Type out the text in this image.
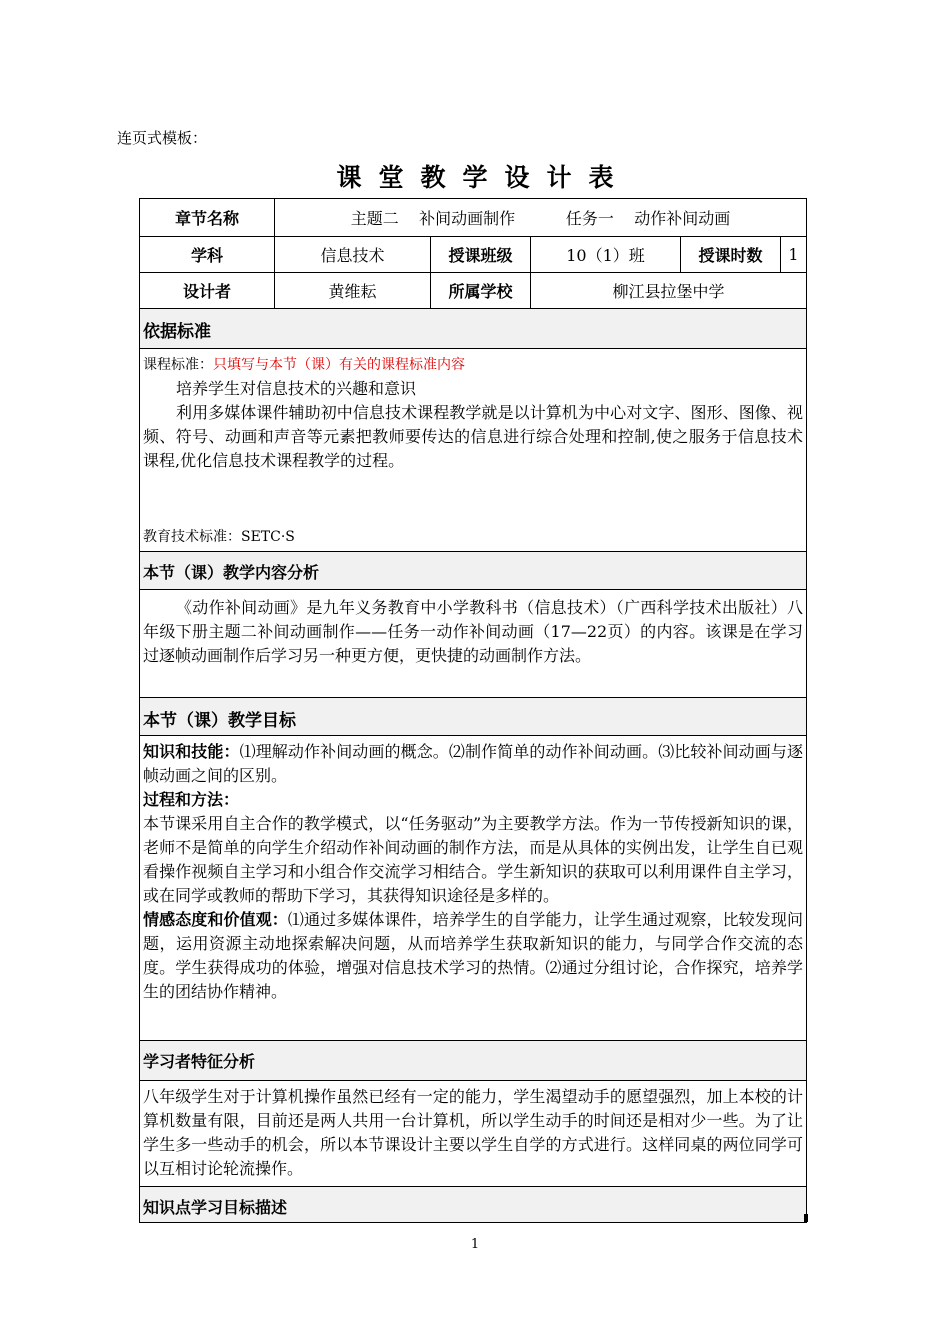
连页式模板：
课堂教学设计表
章节名称	主题二    补间动画制作          任务一    动作补间动画				
学科	信息技术	授课班级	10（1）班	授课时数	1
设计者	黄维耘	所属学校	柳江县拉堡中学		
依据标准					

课程标准：只填写与本节（课）有关的课程标准内容

培养学生对信息技术的兴趣和意识

利用多媒体课件辅助初中信息技术课程教学就是以计算机为中心对文字、图形、图像、视频、符号、动画和声音等元素把教师要传达的信息进行综合处理和控制,使之服务于信息技术课程,优化信息技术课程教学的过程。

教育技术标准：SETC·S					

本节（课）教学内容分析					

《动作补间动画》是九年义务教育中小学教科书（信息技术）（广西科学技术出版社）八年级下册主题二补间动画制作——任务一动作补间动画（17—22页）的内容。该课是在学习过逐帧动画制作后学习另一种更方便，更快捷的动画制作方法。					

本节（课）教学目标					

知识和技能：⑴理解动作补间动画的概念。⑵制作简单的动作补间动画。⑶比较补间动画与逐帧动画之间的区别。

过程和方法：

本节课采用自主合作的教学模式，以“任务驱动”为主要教学方法。作为一节传授新知识的课，老师不是简单的向学生介绍动作补间动画的制作方法，而是从具体的实例出发，让学生自已观看操作视频自主学习和小组合作交流学习相结合。学生新知识的获取可以利用课件自主学习，或在同学或教师的帮助下学习，其获得知识途径是多样的。

情感态度和价值观：⑴通过多媒体课件，培养学生的自学能力，让学生通过观察，比较发现问题，运用资源主动地探索解决问题，从而培养学生获取新知识的能力，与同学合作交流的态度。学生获得成功的体验，增强对信息技术学习的热情。⑵通过分组讨论，合作探究，培养学生的团结协作精神。					

学习者特征分析					

八年级学生对于计算机操作虽然已经有一定的能力，学生渴望动手的愿望强烈，加上本校的计算机数量有限，目前还是两人共用一台计算机，所以学生动手的时间还是相对少一些。为了让学生多一些动手的机会，所以本节课设计主要以学生自学的方式进行。这样同桌的两位同学可以互相讨论轮流操作。					

知识点学习目标描述					
1
